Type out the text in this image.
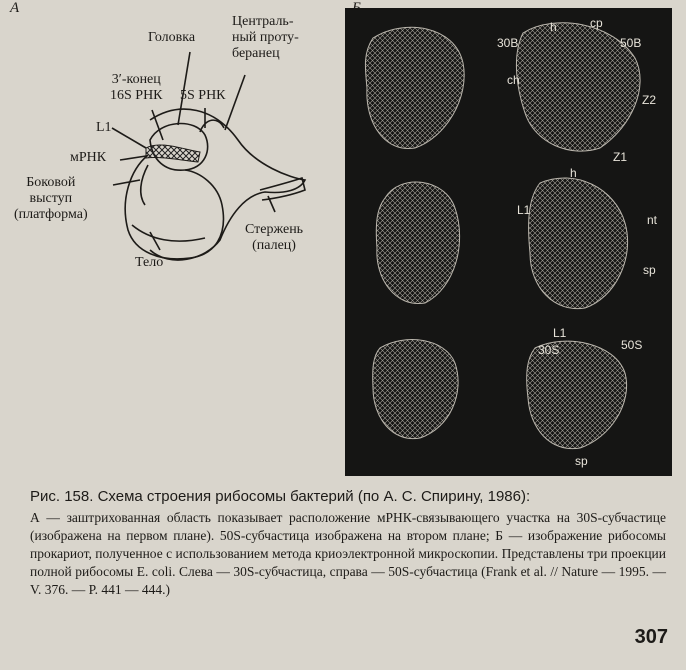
А
Головка
Централь-
ный проту-
беранец
3′-конец
16S РНК 5S РНК
L1
мРНК
Боковой
выступ
(платформа)
Стержень
(палец)
Тело
30В
h	cp
50В
ch
Z2
Z1
h
L1
nt
sp
L1
30S	50S
sp
Рис. 158. Схема строения рибосомы бактерий (по А. С. Спирину, 1986):
А — заштрихованная область показывает расположение мРНК-связывающего участка на 30S-субчастице (изображена на первом плане). 50S-субчастица изображена на втором плане; Б — изображение рибосомы прокариот, полученное с использованием метода криоэлектронной микроскопии. Представлены три проекции полной рибосомы E. coli. Слева — 30S-субчастица, справа — 50S-субчастица (Frank et al. // Nature — 1995. — V. 376. — P. 441 — 444.)
307
